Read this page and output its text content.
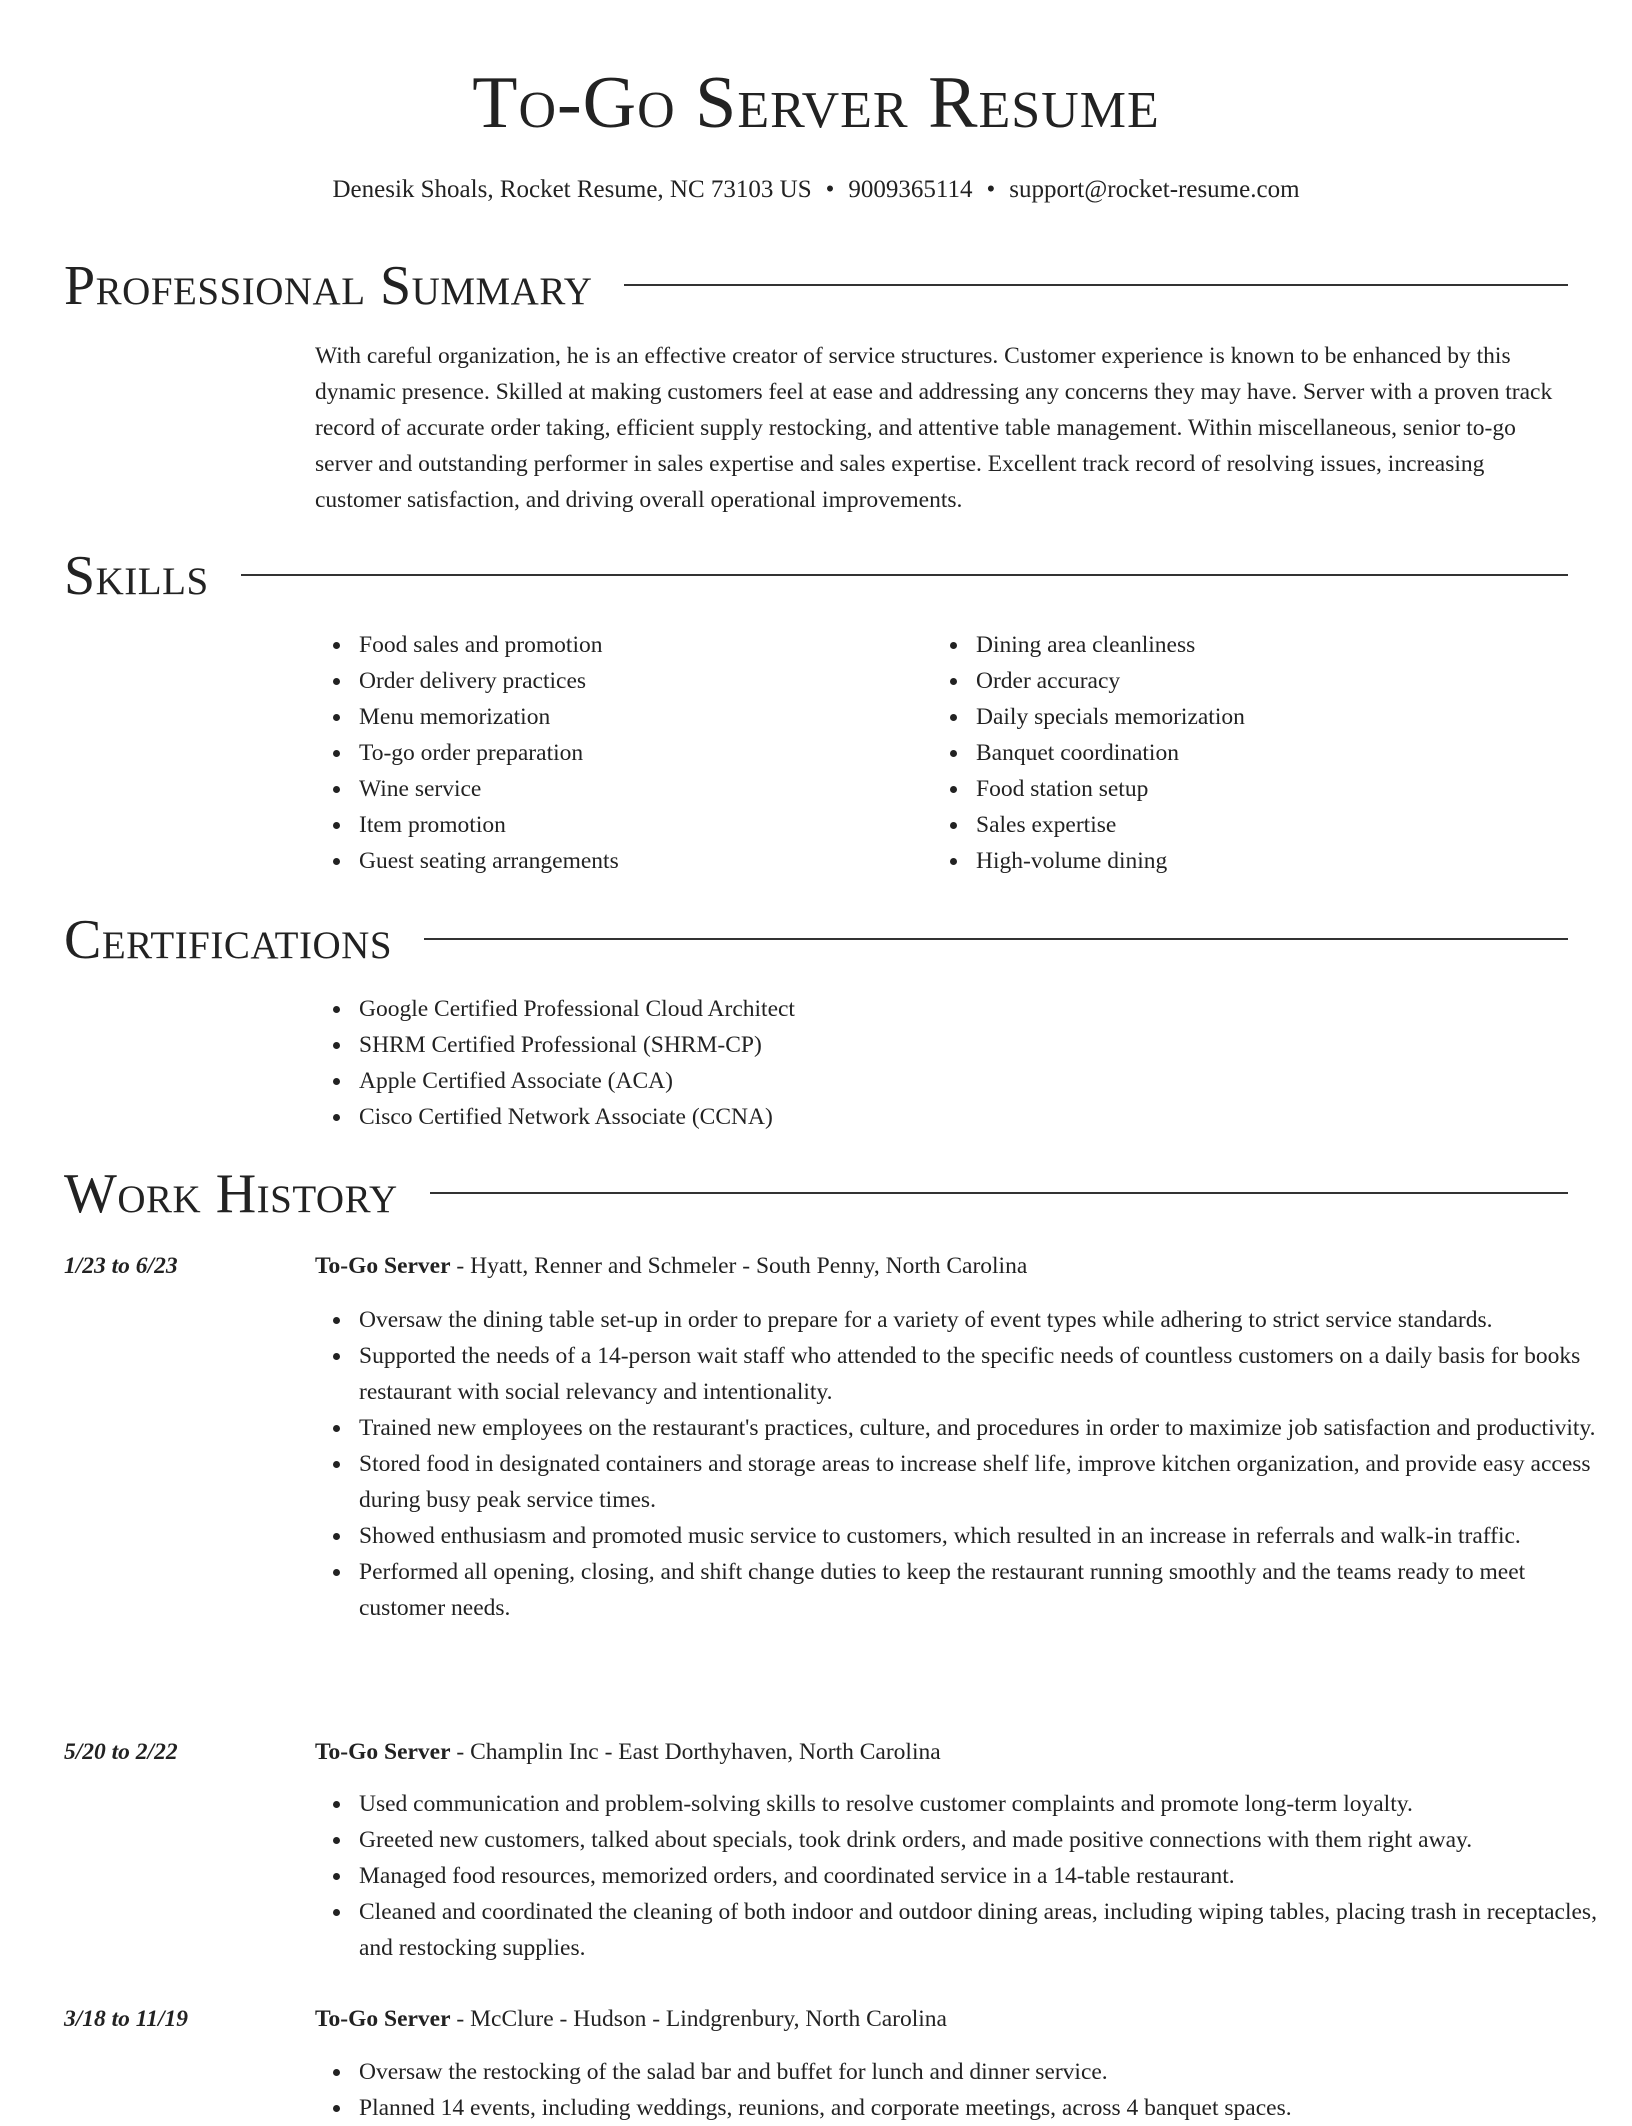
To-Go Server Resume
Denesik Shoals, Rocket Resume, NC 73103 US • 9009365114 • support@rocket-resume.com
Professional Summary
With careful organization, he is an effective creator of service structures. Customer experience is known to be enhanced by this dynamic presence. Skilled at making customers feel at ease and addressing any concerns they may have. Server with a proven track record of accurate order taking, efficient supply restocking, and attentive table management. Within miscellaneous, senior to-go server and outstanding performer in sales expertise and sales expertise. Excellent track record of resolving issues, increasing customer satisfaction, and driving overall operational improvements.
Skills
Food sales and promotion
Order delivery practices
Menu memorization
To-go order preparation
Wine service
Item promotion
Guest seating arrangements
Dining area cleanliness
Order accuracy
Daily specials memorization
Banquet coordination
Food station setup
Sales expertise
High-volume dining
Certifications
Google Certified Professional Cloud Architect
SHRM Certified Professional (SHRM-CP)
Apple Certified Associate (ACA)
Cisco Certified Network Associate (CCNA)
Work History
1/23 to 6/23	To-Go Server - Hyatt, Renner and Schmeler - South Penny, North Carolina
Oversaw the dining table set-up in order to prepare for a variety of event types while adhering to strict service standards.
Supported the needs of a 14-person wait staff who attended to the specific needs of countless customers on a daily basis for books restaurant with social relevancy and intentionality.
Trained new employees on the restaurant's practices, culture, and procedures in order to maximize job satisfaction and productivity.
Stored food in designated containers and storage areas to increase shelf life, improve kitchen organization, and provide easy access during busy peak service times.
Showed enthusiasm and promoted music service to customers, which resulted in an increase in referrals and walk-in traffic.
Performed all opening, closing, and shift change duties to keep the restaurant running smoothly and the teams ready to meet customer needs.
5/20 to 2/22	To-Go Server - Champlin Inc - East Dorthyhaven, North Carolina
Used communication and problem-solving skills to resolve customer complaints and promote long-term loyalty.
Greeted new customers, talked about specials, took drink orders, and made positive connections with them right away.
Managed food resources, memorized orders, and coordinated service in a 14-table restaurant.
Cleaned and coordinated the cleaning of both indoor and outdoor dining areas, including wiping tables, placing trash in receptacles, and restocking supplies.
3/18 to 11/19	To-Go Server - McClure - Hudson - Lindgrenbury, North Carolina
Oversaw the restocking of the salad bar and buffet for lunch and dinner service.
Planned 14 events, including weddings, reunions, and corporate meetings, across 4 banquet spaces.
